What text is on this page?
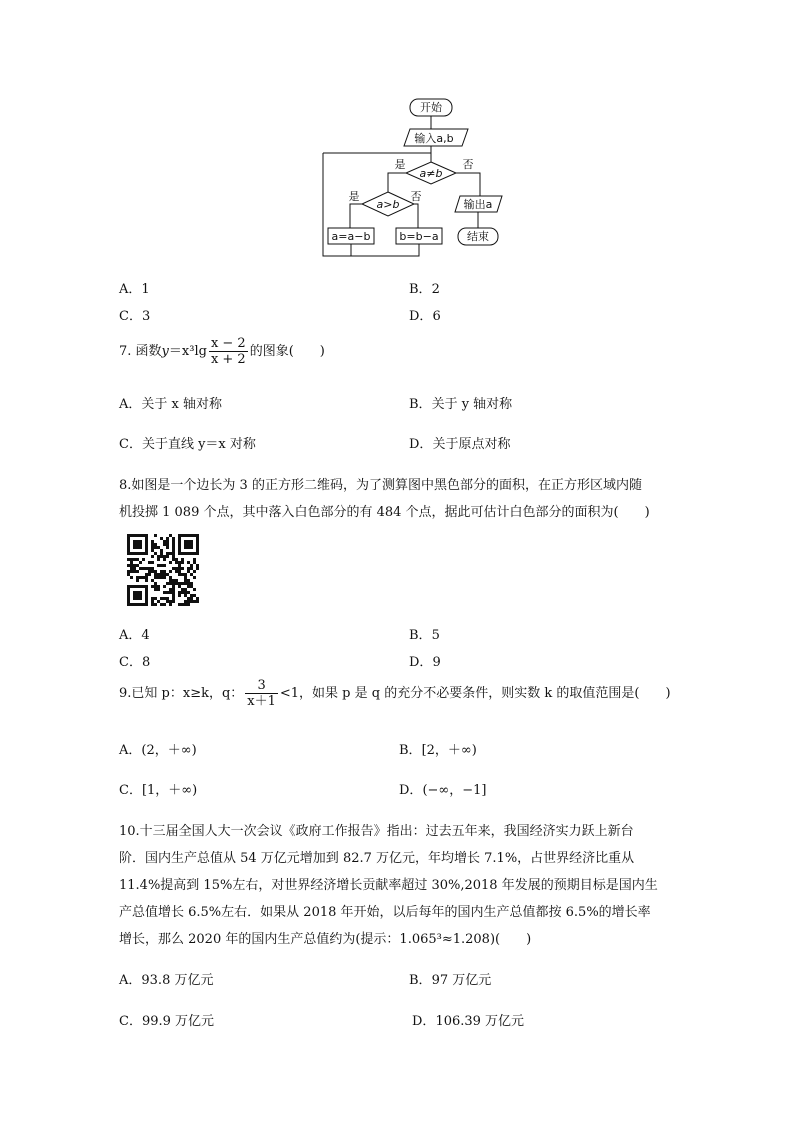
开始
输入a,b
a≠b
是	否
输出a
结束
a>b
是	否
a=a−b	b=b−a
A．1	B．2
C．3	D．6
7. 函数$y=x^3\lg \frac{x - 2}{x + 2}$ 的图象(　　)
A．关于 x 轴对称	B．关于 y 轴对称
C．关于直线 y＝x 对称	D．关于原点对称
8.如图是一个边长为 3 的正方形二维码，为了测算图中黑色部分的面积，在正方形区域内随
机投掷 1 089 个点，其中落入白色部分的有 484 个点，据此可估计白色部分的面积为(　　)
A．4	B．5
C．8	D．9
9.已知 p：x≥k，q： $\frac{3}{x+1} <1$，如果 p 是 q 的充分不必要条件，则实数 k 的取值范围是(　　)
A．(2，＋∞)	B．[2，＋∞)
C．[1，＋∞)	D．(−∞，−1]
10.十三届全国人大一次会议《政府工作报告》指出：过去五年来，我国经济实力跃上新台
阶．国内生产总值从 54 万亿元增加到 82.7 万亿元，年均增长 7.1%，占世界经济比重从
11.4%提高到 15%左右，对世界经济增长贡献率超过 30%,2018 年发展的预期目标是国内生
产总值增长 6.5%左右．如果从 2018 年开始，以后每年的国内生产总值都按 6.5%的增长率
增长，那么 2020 年的国内生产总值约为(提示：1.065³≈1.208)(　　)
A．93.8 万亿元	B．97 万亿元
C．99.9 万亿元	D．106.39 万亿元
